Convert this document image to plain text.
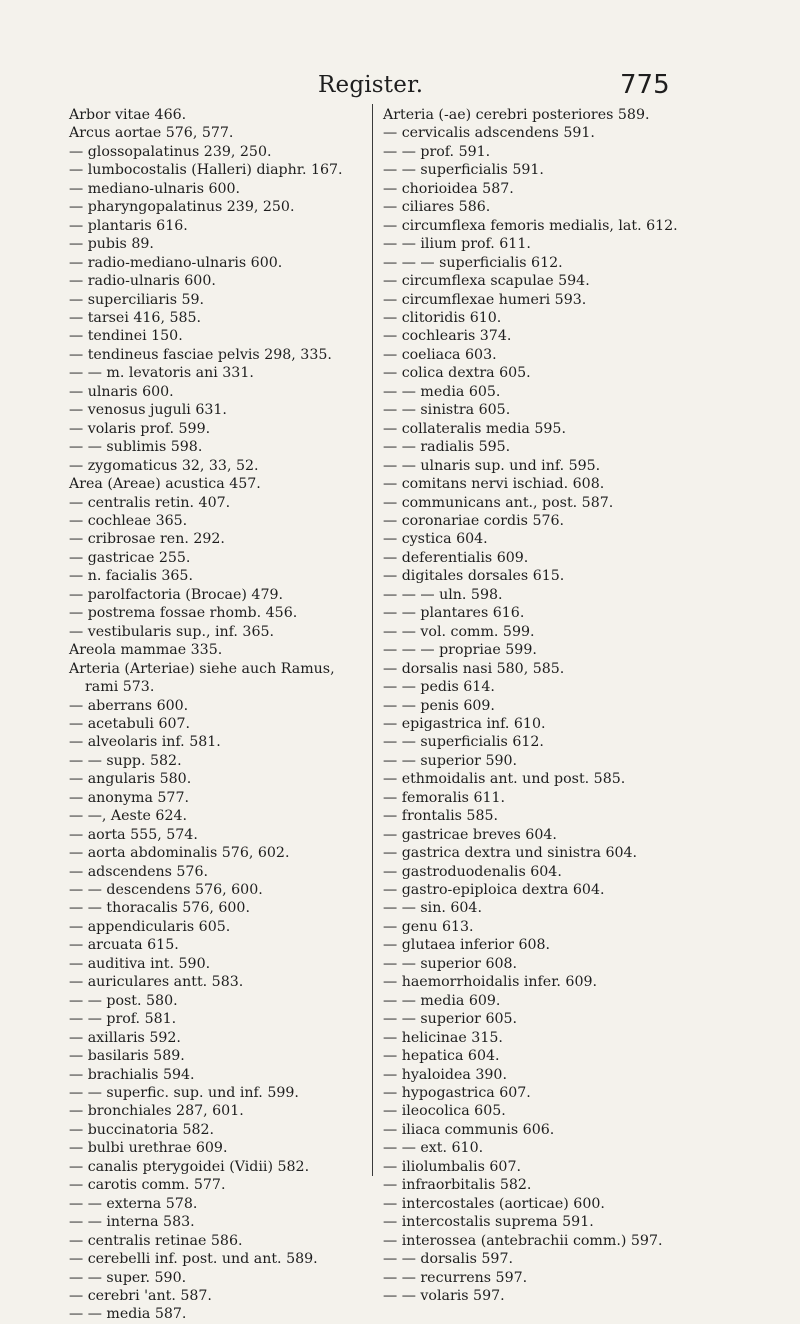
Register.	775
Arbor vitae 466.
Arcus aortae 576, 577.
— glossopalatinus 239, 250.
— lumbocostalis (Halleri) diaphr. 167.
— mediano-ulnaris 600.
— pharyngopalatinus 239, 250.
— plantaris 616.
— pubis 89.
— radio-mediano-ulnaris 600.
— radio-ulnaris 600.
— superciliaris 59.
— tarsei 416, 585.
— tendinei 150.
— tendineus fasciae pelvis 298, 335.
— — m. levatoris ani 331.
— ulnaris 600.
— venosus juguli 631.
— volaris prof. 599.
— — sublimis 598.
— zygomaticus 32, 33, 52.
Area (Areae) acustica 457.
— centralis retin. 407.
— cochleae 365.
— cribrosae ren. 292.
— gastricae 255.
— n. facialis 365.
— parolfactoria (Brocae) 479.
— postrema fossae rhomb. 456.
— vestibularis sup., inf. 365.
Areola mammae 335.
Arteria (Arteriae) siehe auch Ramus, rami 573.
— aberrans 600.
— acetabuli 607.
— alveolaris inf. 581.
— — supp. 582.
— angularis 580.
— anonyma 577.
— —, Aeste 624.
— aorta 555, 574.
— aorta abdominalis 576, 602.
— adscendens 576.
— — descendens 576, 600.
— — thoracalis 576, 600.
— appendicularis 605.
— arcuata 615.
— auditiva int. 590.
— auriculares antt. 583.
— — post. 580.
— — prof. 581.
— axillaris 592.
— basilaris 589.
— brachialis 594.
— — superfic. sup. und inf. 599.
— bronchiales 287, 601.
— buccinatoria 582.
— bulbi urethrae 609.
— canalis pterygoidei (Vidii) 582.
— carotis comm. 577.
— — externa 578.
— — interna 583.
— centralis retinae 586.
— cerebelli inf. post. und ant. 589.
— — super. 590.
— cerebri 'ant. 587.
— — media 587.
Arteria (-ae) cerebri posteriores 589.
— cervicalis adscendens 591.
— — prof. 591.
— — superficialis 591.
— chorioidea 587.
— ciliares 586.
— circumflexa femoris medialis, lat. 612.
— — ilium prof. 611.
— — — superficialis 612.
— circumflexa scapulae 594.
— circumflexae humeri 593.
— clitoridis 610.
— cochlearis 374.
— coeliaca 603.
— colica dextra 605.
— — media 605.
— — sinistra 605.
— collateralis media 595.
— — radialis 595.
— — ulnaris sup. und inf. 595.
— comitans nervi ischiad. 608.
— communicans ant., post. 587.
— coronariae cordis 576.
— cystica 604.
— deferentialis 609.
— digitales dorsales 615.
— — — uln. 598.
— — plantares 616.
— — vol. comm. 599.
— — — propriae 599.
— dorsalis nasi 580, 585.
— — pedis 614.
— — penis 609.
— epigastrica inf. 610.
— — superficialis 612.
— — superior 590.
— ethmoidalis ant. und post. 585.
— femoralis 611.
— frontalis 585.
— gastricae breves 604.
— gastrica dextra und sinistra 604.
— gastroduodenalis 604.
— gastro-epiploica dextra 604.
— — sin. 604.
— genu 613.
— glutaea inferior 608.
— — superior 608.
— haemorrhoidalis infer. 609.
— — media 609.
— — superior 605.
— helicinae 315.
— hepatica 604.
— hyaloidea 390.
— hypogastrica 607.
— ileocolica 605.
— iliaca communis 606.
— — ext. 610.
— iliolumbalis 607.
— infraorbitalis 582.
— intercostales (aorticae) 600.
— intercostalis suprema 591.
— interossea (antebrachii comm.) 597.
— — dorsalis 597.
— — recurrens 597.
— — volaris 597.
